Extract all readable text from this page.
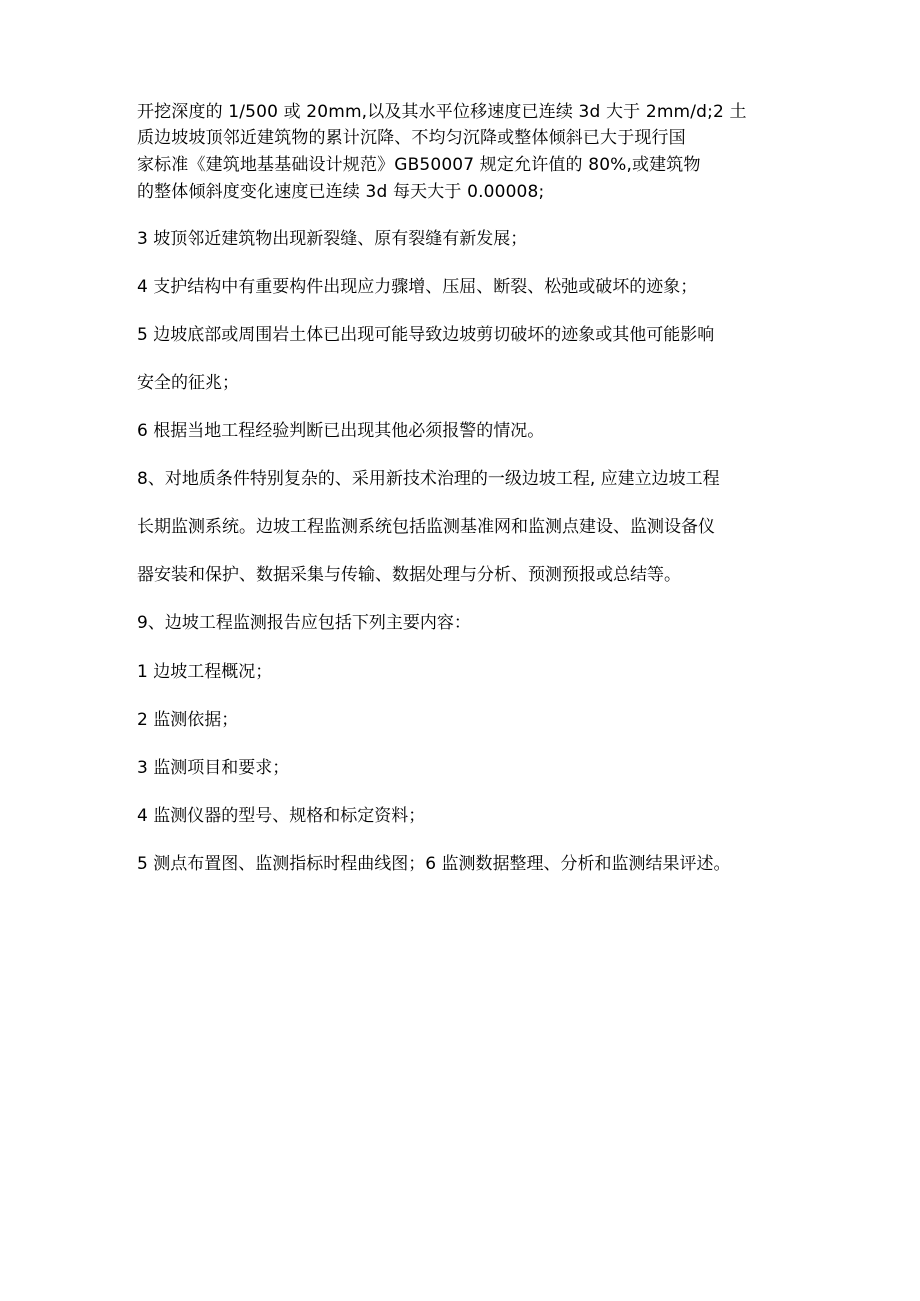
开挖深度的 1/500 或 20mm,以及其水平位移速度已连续 3d 大于 2mm/d;2 土
质边坡坡顶邻近建筑物的累计沉降、不均匀沉降或整体倾斜已大于现行国
家标准《建筑地基基础设计规范》GB50007 规定允许值的 80%,或建筑物
的整体倾斜度变化速度已连续 3d 每天大于 0.00008;
3 坡顶邻近建筑物出现新裂缝、原有裂缝有新发展；
4 支护结构中有重要构件出现应力骤增、压屈、断裂、松弛或破坏的迹象；
5 边坡底部或周围岩土体已出现可能导致边坡剪切破坏的迹象或其他可能影响
安全的征兆；
6 根据当地工程经验判断已出现其他必须报警的情况。
8、对地质条件特别复杂的、采用新技术治理的一级边坡工程, 应建立边坡工程
长期监测系统。边坡工程监测系统包括监测基准网和监测点建设、监测设备仪
器安装和保护、数据采集与传输、数据处理与分析、预测预报或总结等。
9、边坡工程监测报告应包括下列主要内容：
1 边坡工程概况；
2 监测依据；
3 监测项目和要求；
4 监测仪器的型号、规格和标定资料；
5 测点布置图、监测指标时程曲线图；6 监测数据整理、分析和监测结果评述。
